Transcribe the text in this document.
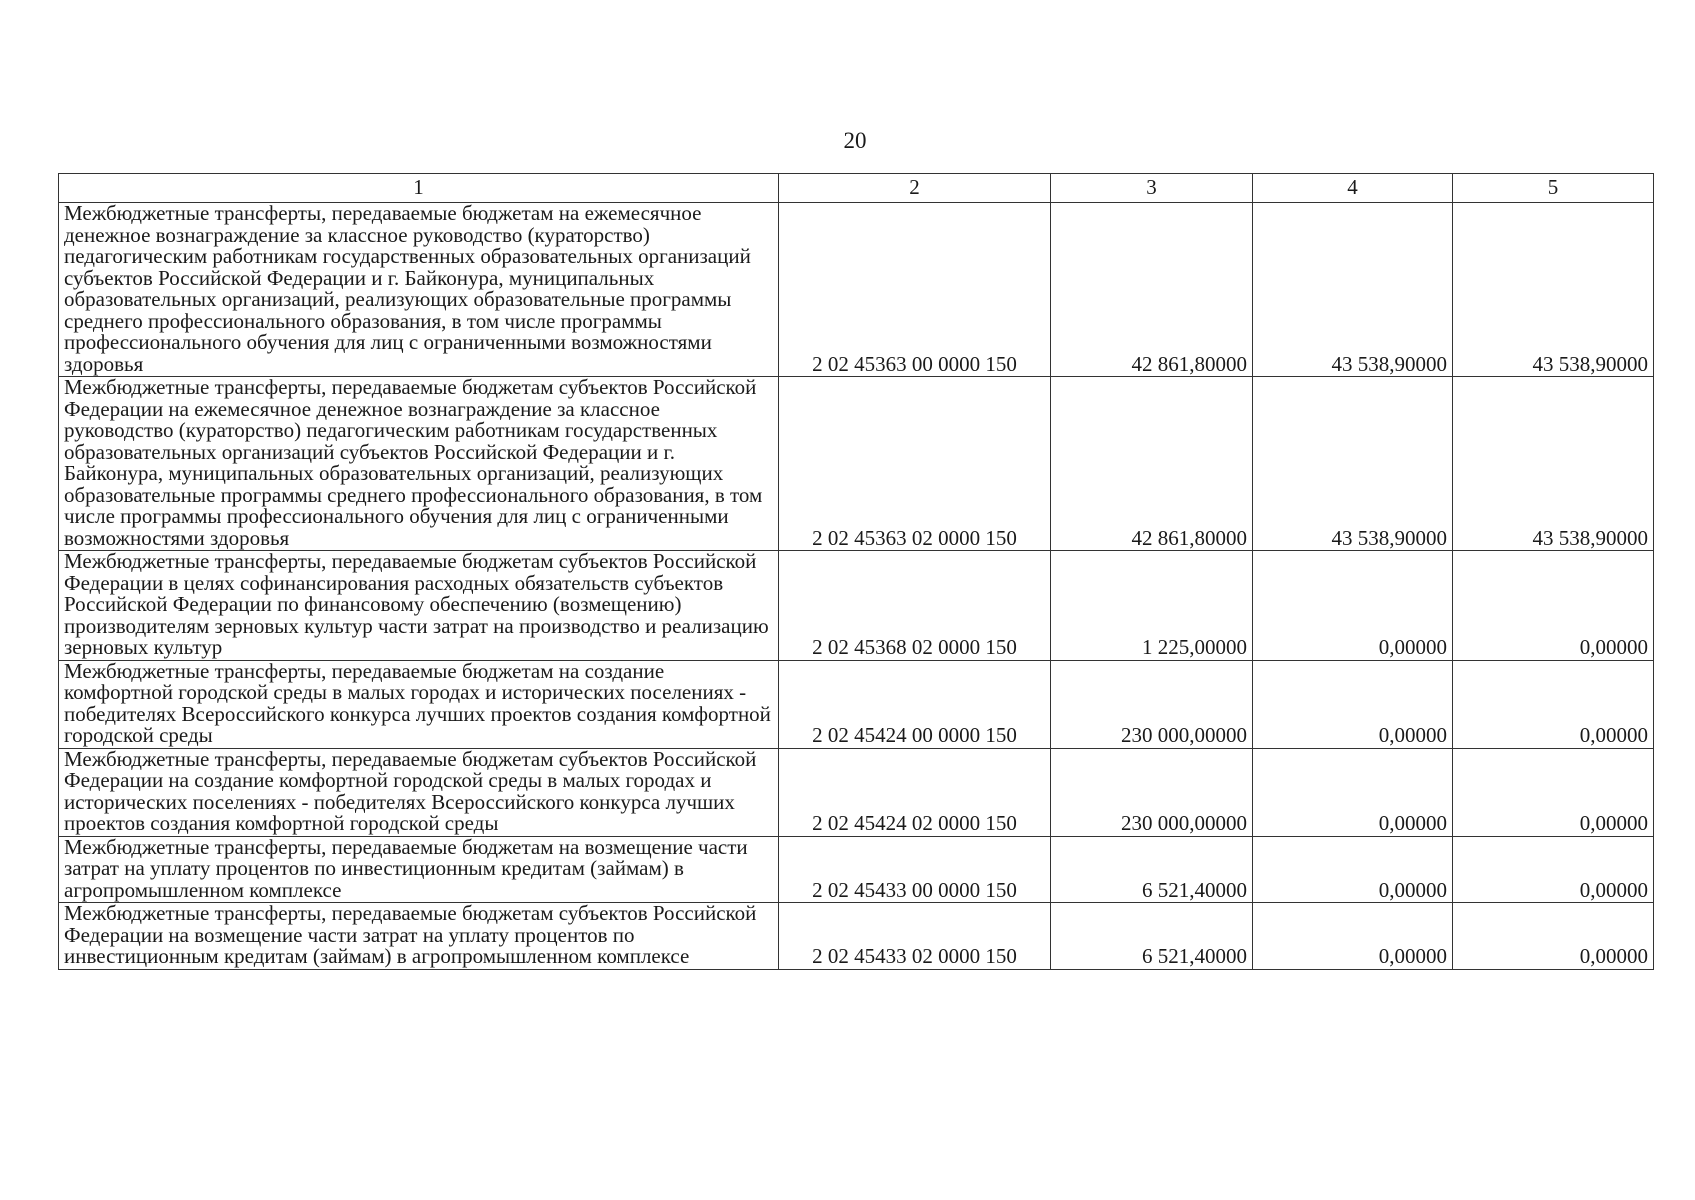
20
1	2	3	4	5
Межбюджетные трансферты, передаваемые бюджетам на ежемесячное денежное вознаграждение за классное руководство (кураторство) педагогическим работникам государственных образовательных организаций субъектов Российской Федерации и г. Байконура, муниципальных образовательных организаций, реализующих образовательные программы среднего профессионального образования, в том числе программы профессионального обучения для лиц с ограниченными возможностями здоровья	2 02 45363 00 0000 150	42 861,80000	43 538,90000	43 538,90000
Межбюджетные трансферты, передаваемые бюджетам субъектов Российской Федерации на ежемесячное денежное вознаграждение за классное руководство (кураторство) педагогическим работникам государственных образовательных организаций субъектов Российской Федерации и г. Байконура, муниципальных образовательных организаций, реализующих образовательные программы среднего профессионального образования, в том числе программы профессионального обучения для лиц с ограниченными возможностями здоровья	2 02 45363 02 0000 150	42 861,80000	43 538,90000	43 538,90000
Межбюджетные трансферты, передаваемые бюджетам субъектов Российской Федерации в целях софинансирования расходных обязательств субъектов Российской Федерации по финансовому обеспечению (возмещению) производителям зерновых культур части затрат на производство и реализацию зерновых культур	2 02 45368 02 0000 150	1 225,00000	0,00000	0,00000
Межбюджетные трансферты, передаваемые бюджетам на создание комфортной городской среды в малых городах и исторических поселениях - победителях Всероссийского конкурса лучших проектов создания комфортной городской среды	2 02 45424 00 0000 150	230 000,00000	0,00000	0,00000
Межбюджетные трансферты, передаваемые бюджетам субъектов Российской Федерации на создание комфортной городской среды в малых городах и исторических поселениях - победителях Всероссийского конкурса лучших проектов создания комфортной городской среды	2 02 45424 02 0000 150	230 000,00000	0,00000	0,00000
Межбюджетные трансферты, передаваемые бюджетам на возмещение части затрат на уплату процентов по инвестиционным кредитам (займам) в агропромышленном комплексе	2 02 45433 00 0000 150	6 521,40000	0,00000	0,00000
Межбюджетные трансферты, передаваемые бюджетам субъектов Российской Федерации на возмещение части затрат на уплату процентов по инвестиционным кредитам (займам) в агропромышленном комплексе	2 02 45433 02 0000 150	6 521,40000	0,00000	0,00000
